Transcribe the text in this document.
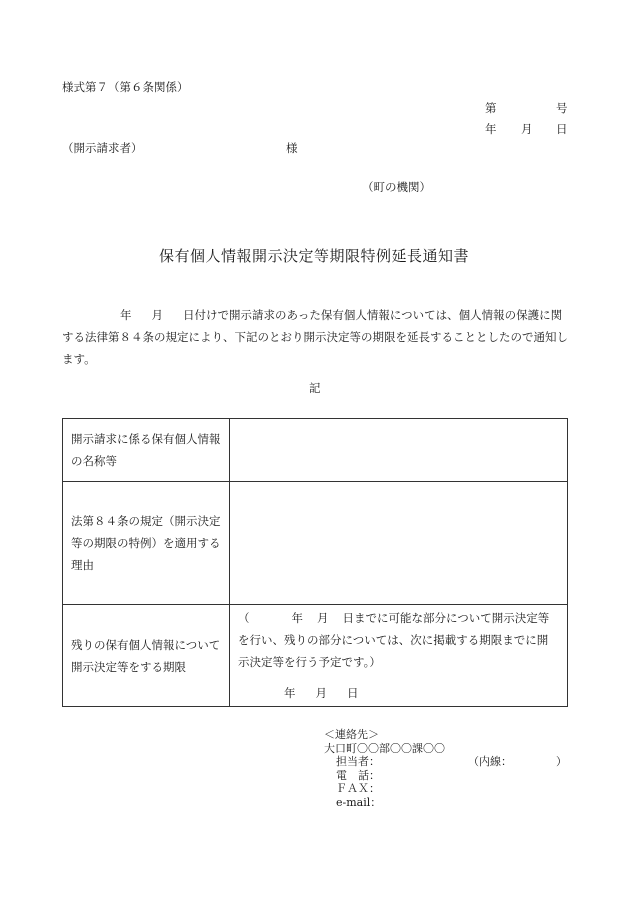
様式第７（第６条関係）
第	号
年 月 日
（開示請求者）	様
（町の機関）
保有個人情報開示決定等期限特例延長通知書
年 月 日付けで開示請求のあった保有個人情報については、個人情報の保護に関する法律第８４条の規定により、下記のとおり開示決定等の期限を延長することとしたので通知します。
記
開示請求に係る保有個人情報の名称等	
法第８４条の規定（開示決定等の期限の特例）を適用する理由	
残りの保有個人情報について開示決定等をする期限	（ 年 月 日までに可能な部分について開示決定等を行い、残りの部分については、次に掲載する期限までに開示決定等を行う予定です。）
年 月 日
＜連絡先＞
大口町〇〇部〇〇課〇〇
担当者：	（内線：	）
電　話：
ＦＡＸ：
e-mail：
